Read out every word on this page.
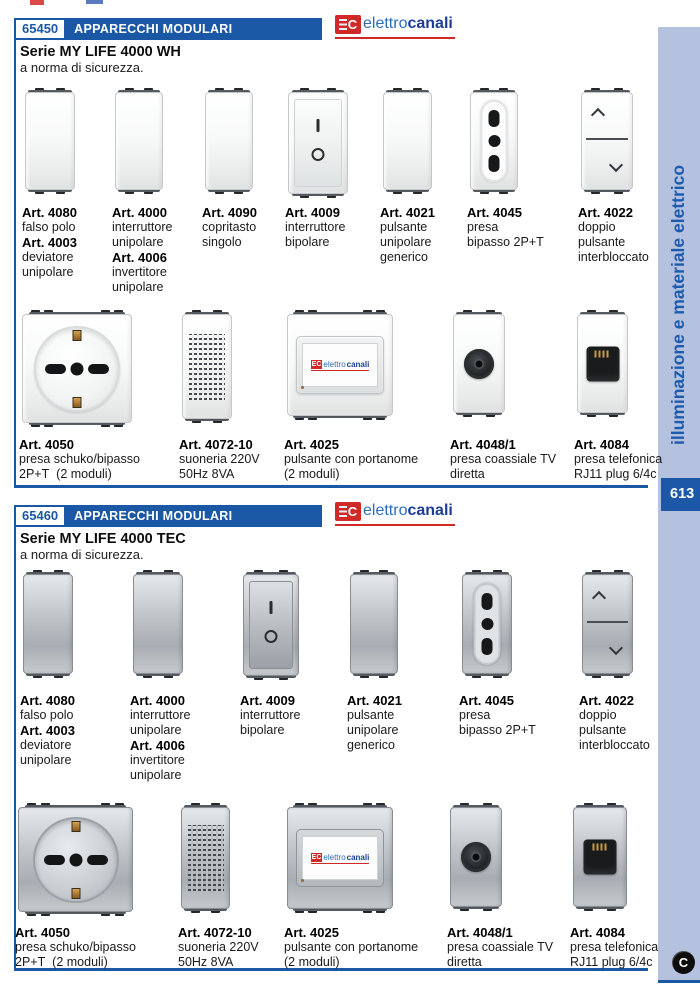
65450	APPARECCHI MODULARI
Serie MY LIFE 4000 WH
a norma di sicurezza.
65460	APPARECCHI MODULARI
Serie MY LIFE 4000 TEC
a norma di sicurezza.
C elettro canali
C elettro canali
illuminazione e materiale elettrico
613
C
Art. 4080
falso polo
Art. 4003
deviatore
unipolare
Art. 4000
interruttore
unipolare
Art. 4006
invertitore
unipolare
Art. 4090
copritasto
singolo
Art. 4009
interruttore
bipolare
Art. 4021
pulsante
unipolare
generico
Art. 4045
presa
bipasso 2P+T
Art. 4022
doppio
pulsante
interbloccato
Art. 4050
presa schuko/bipasso
2P+T  (2 moduli)
Art. 4072-10
suoneria 220V
50Hz 8VA
EC elettro canali
Art. 4025
pulsante con portanome
(2 moduli)
Art. 4048/1
presa coassiale TV
diretta
Art. 4084
presa telefonica
RJ11 plug 6/4c
Art. 4080
falso polo
Art. 4003
deviatore
unipolare
Art. 4000
interruttore
unipolare
Art. 4006
invertitore
unipolare
Art. 4009
interruttore
bipolare
Art. 4021
pulsante
unipolare
generico
Art. 4045
presa
bipasso 2P+T
Art. 4022
doppio
pulsante
interbloccato
Art. 4050
presa schuko/bipasso
2P+T  (2 moduli)
Art. 4072-10
suoneria 220V
50Hz 8VA
EC elettro canali
Art. 4025
pulsante con portanome
(2 moduli)
Art. 4048/1
presa coassiale TV
diretta
Art. 4084
presa telefonica
RJ11 plug 6/4c
